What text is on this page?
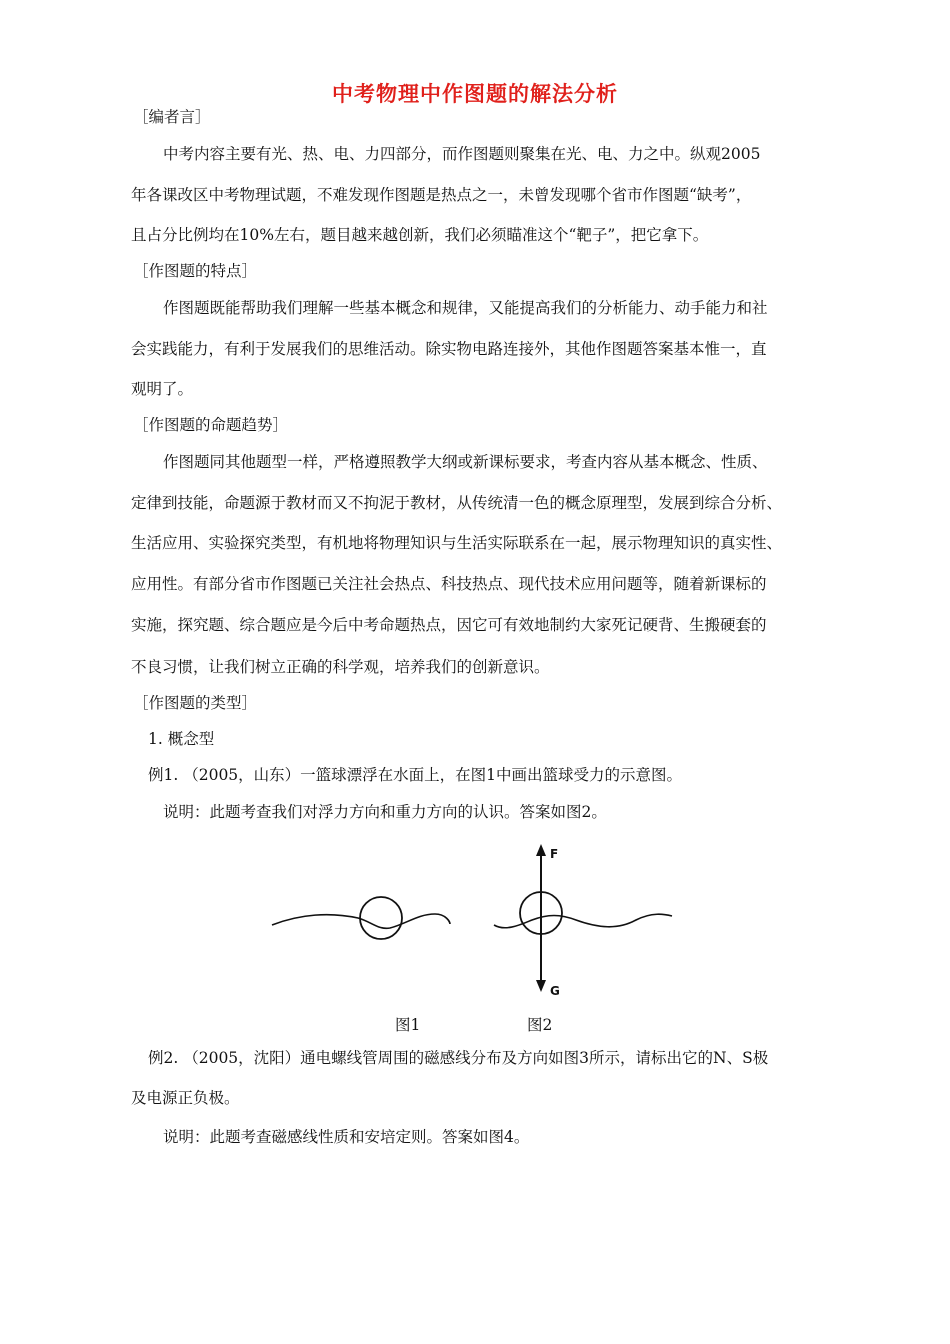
中考物理中作图题的解法分析
［编者言］
中考内容主要有光、热、电、力四部分，而作图题则聚集在光、电、力之中。纵观2005
年各课改区中考物理试题，不难发现作图题是热点之一，未曾发现哪个省市作图题“缺考”，
且占分比例均在10%左右，题目越来越创新，我们必须瞄准这个“靶子”，把它拿下。
［作图题的特点］
作图题既能帮助我们理解一些基本概念和规律，又能提高我们的分析能力、动手能力和社
会实践能力，有利于发展我们的思维活动。除实物电路连接外，其他作图题答案基本惟一，直
观明了。
［作图题的命题趋势］
作图题同其他题型一样，严格遵照教学大纲或新课标要求，考查内容从基本概念、性质、
定律到技能，命题源于教材而又不拘泥于教材，从传统清一色的概念原理型，发展到综合分析、
生活应用、实验探究类型，有机地将物理知识与生活实际联系在一起，展示物理知识的真实性、
应用性。有部分省市作图题已关注社会热点、科技热点、现代技术应用问题等，随着新课标的
实施，探究题、综合题应是今后中考命题热点，因它可有效地制约大家死记硬背、生搬硬套的
不良习惯，让我们树立正确的科学观，培养我们的创新意识。
［作图题的类型］
1. 概念型
例1. （2005，山东）一篮球漂浮在水面上，在图1中画出篮球受力的示意图。
说明：此题考查我们对浮力方向和重力方向的认识。答案如图2。
F
G
图1	图2
例2. （2005，沈阳）通电螺线管周围的磁感线分布及方向如图3所示，请标出它的N、S极
及电源正负极。
说明：此题考查磁感线性质和安培定则。答案如图4。
